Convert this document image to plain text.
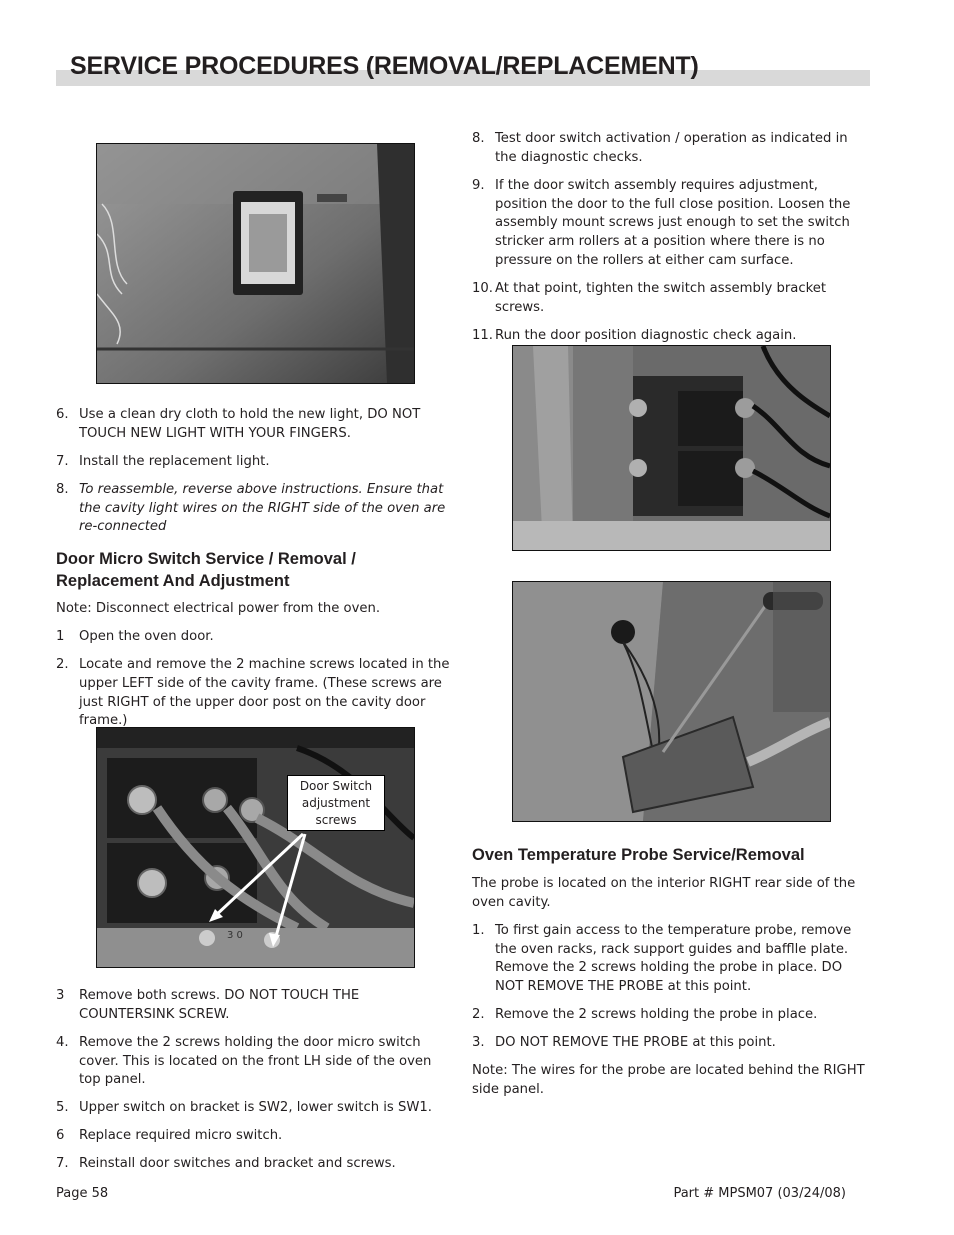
SERVICE PROCEDURES (REMOVAL/REPLACEMENT)
3 0
Door Switch adjustment screws
6. Use a clean dry cloth to hold the new light, DO NOT TOUCH NEW LIGHT WITH YOUR FINGERS.
7. Install the replacement light.
8. To reassemble, reverse above instructions. Ensure that the cavity light wires on the RIGHT side of the oven are re-connected
Door Micro Switch Service / Removal / Replacement And Adjustment

Note: Disconnect electrical power from the oven.

1 Open the oven door.
2. Locate and remove the 2 machine screws located in the upper LEFT side of the cavity frame. (These screws are just RIGHT of the upper door post on the cavity door frame.)
3 Remove both screws. DO NOT TOUCH THE COUNTERSINK SCREW.
4. Remove the 2 screws holding the door micro switch cover. This is located on the front LH side of the oven top panel.
5. Upper switch on bracket is SW2, lower switch is SW1.
6 Replace required micro switch.
7. Reinstall door switches and bracket and screws.
8. Test door switch activation / operation as indicated in the diagnostic checks.
9. If the door switch assembly requires adjustment, position the door to the full close position. Loosen the assembly mount screws just enough to set the switch stricker arm rollers at a position where there is no pressure on the rollers at either cam surface.
10. At that point, tighten the switch assembly bracket screws.
11. Run the door position diagnostic check again.
Oven Temperature Probe Service/Removal

The probe is located on the interior RIGHT rear side of the oven cavity.

1. To first gain access to the temperature probe, remove the oven racks, rack support guides and bafflle plate. Remove the 2 screws holding the probe in place. DO NOT REMOVE THE PROBE at this point.
2. Remove the 2 screws holding the probe in place.
3. DO NOT REMOVE THE PROBE at this point.

Note: The wires for the probe are located behind the RIGHT side panel.

Page 58	Part # MPSM07 (03/24/08)
